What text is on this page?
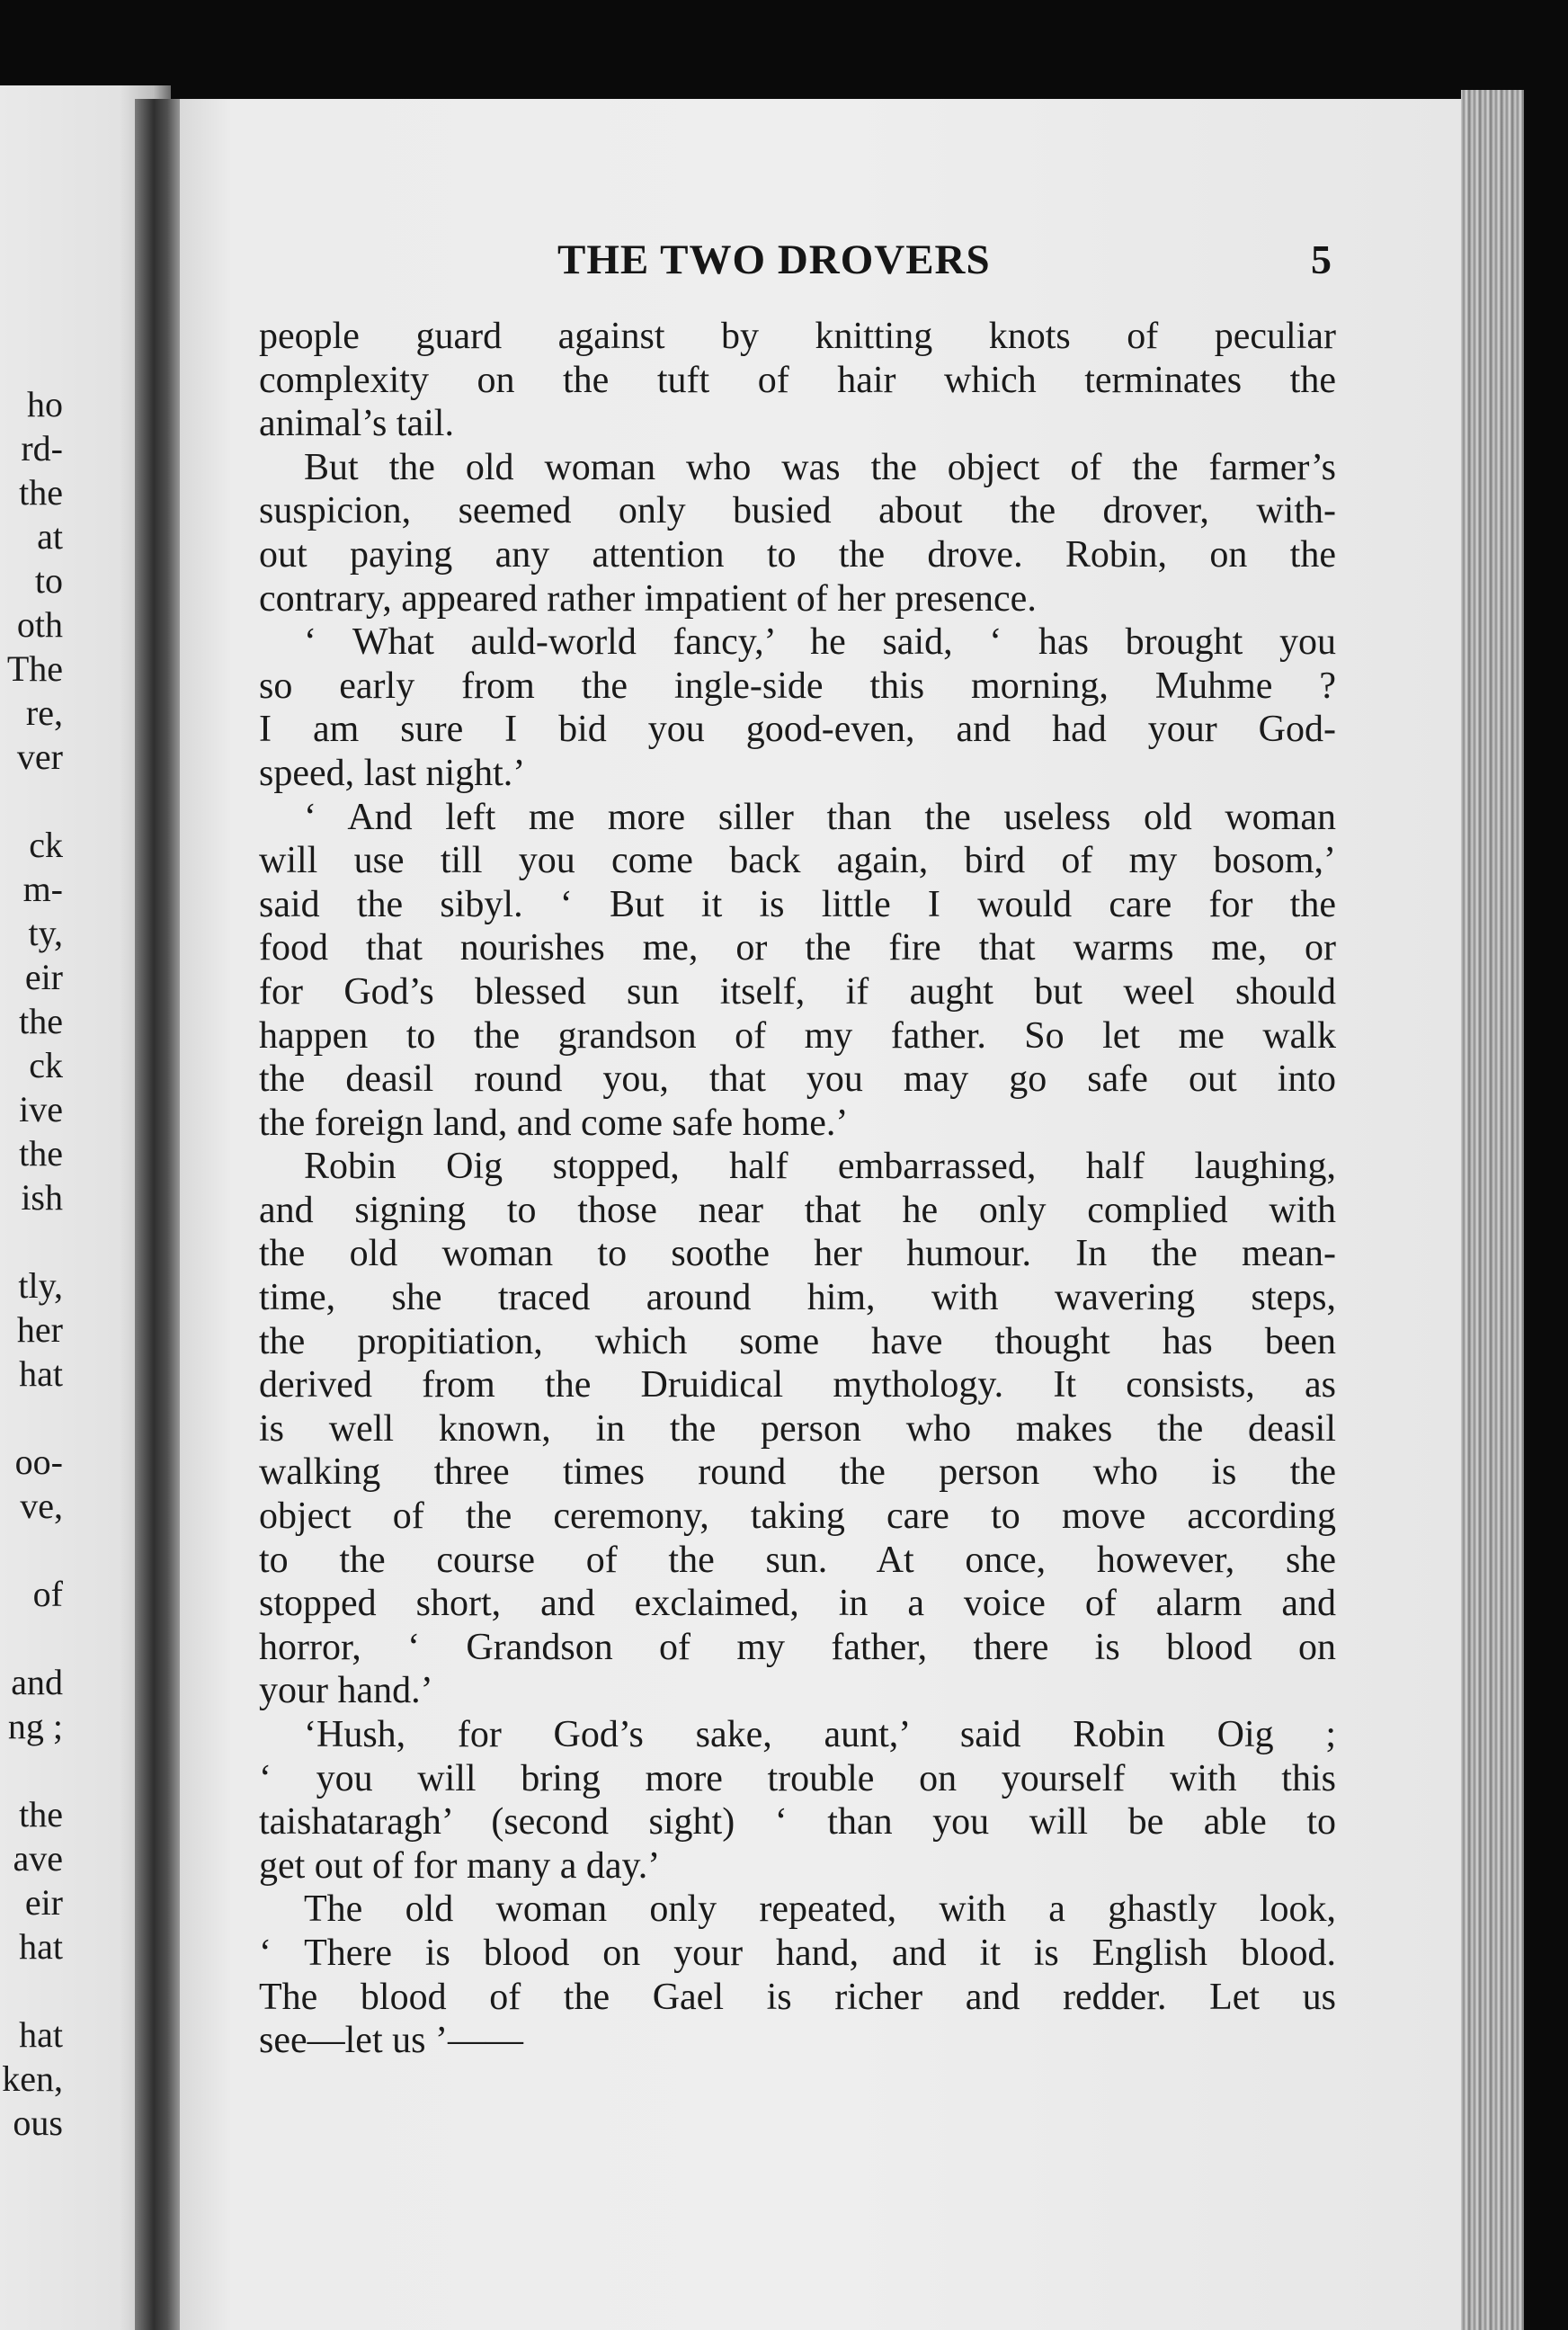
ho
rd-
the
at
to
oth
The
re,
ver
ck
m-
ty,
eir
the
ck
ive
the
ish
tly,
her
hat
oo-
ve,
of
and
ng ;
the
ave
eir
hat
hat
ken,
ous
THE TWO DROVERS	5
people guard against by knitting knots of peculiar
complexity on the tuft of hair which terminates the
animal’s tail.
But the old woman who was the object of the farmer’s
suspicion, seemed only busied about the drover, with-
out paying any attention to the drove. Robin, on the
contrary, appeared rather impatient of her presence.
‘ What auld-world fancy,’ he said, ‘ has brought you
so early from the ingle-side this morning, Muhme ?
I am sure I bid you good-even, and had your God-
speed, last night.’
‘ And left me more siller than the useless old woman
will use till you come back again, bird of my bosom,’
said the sibyl. ‘ But it is little I would care for the
food that nourishes me, or the fire that warms me, or
for God’s blessed sun itself, if aught but weel should
happen to the grandson of my father. So let me walk
the deasil round you, that you may go safe out into
the foreign land, and come safe home.’
Robin Oig stopped, half embarrassed, half laughing,
and signing to those near that he only complied with
the old woman to soothe her humour. In the mean-
time, she traced around him, with wavering steps,
the propitiation, which some have thought has been
derived from the Druidical mythology. It consists, as
is well known, in the person who makes the deasil
walking three times round the person who is the
object of the ceremony, taking care to move according
to the course of the sun. At once, however, she
stopped short, and exclaimed, in a voice of alarm and
horror, ‘ Grandson of my father, there is blood on
your hand.’
‘Hush, for God’s sake, aunt,’ said Robin Oig ;
‘ you will bring more trouble on yourself with this
taishataragh’ (second sight) ‘ than you will be able to
get out of for many a day.’
The old woman only repeated, with a ghastly look,
‘ There is blood on your hand, and it is English blood.
The blood of the Gael is richer and redder. Let us
see—let us ’——
